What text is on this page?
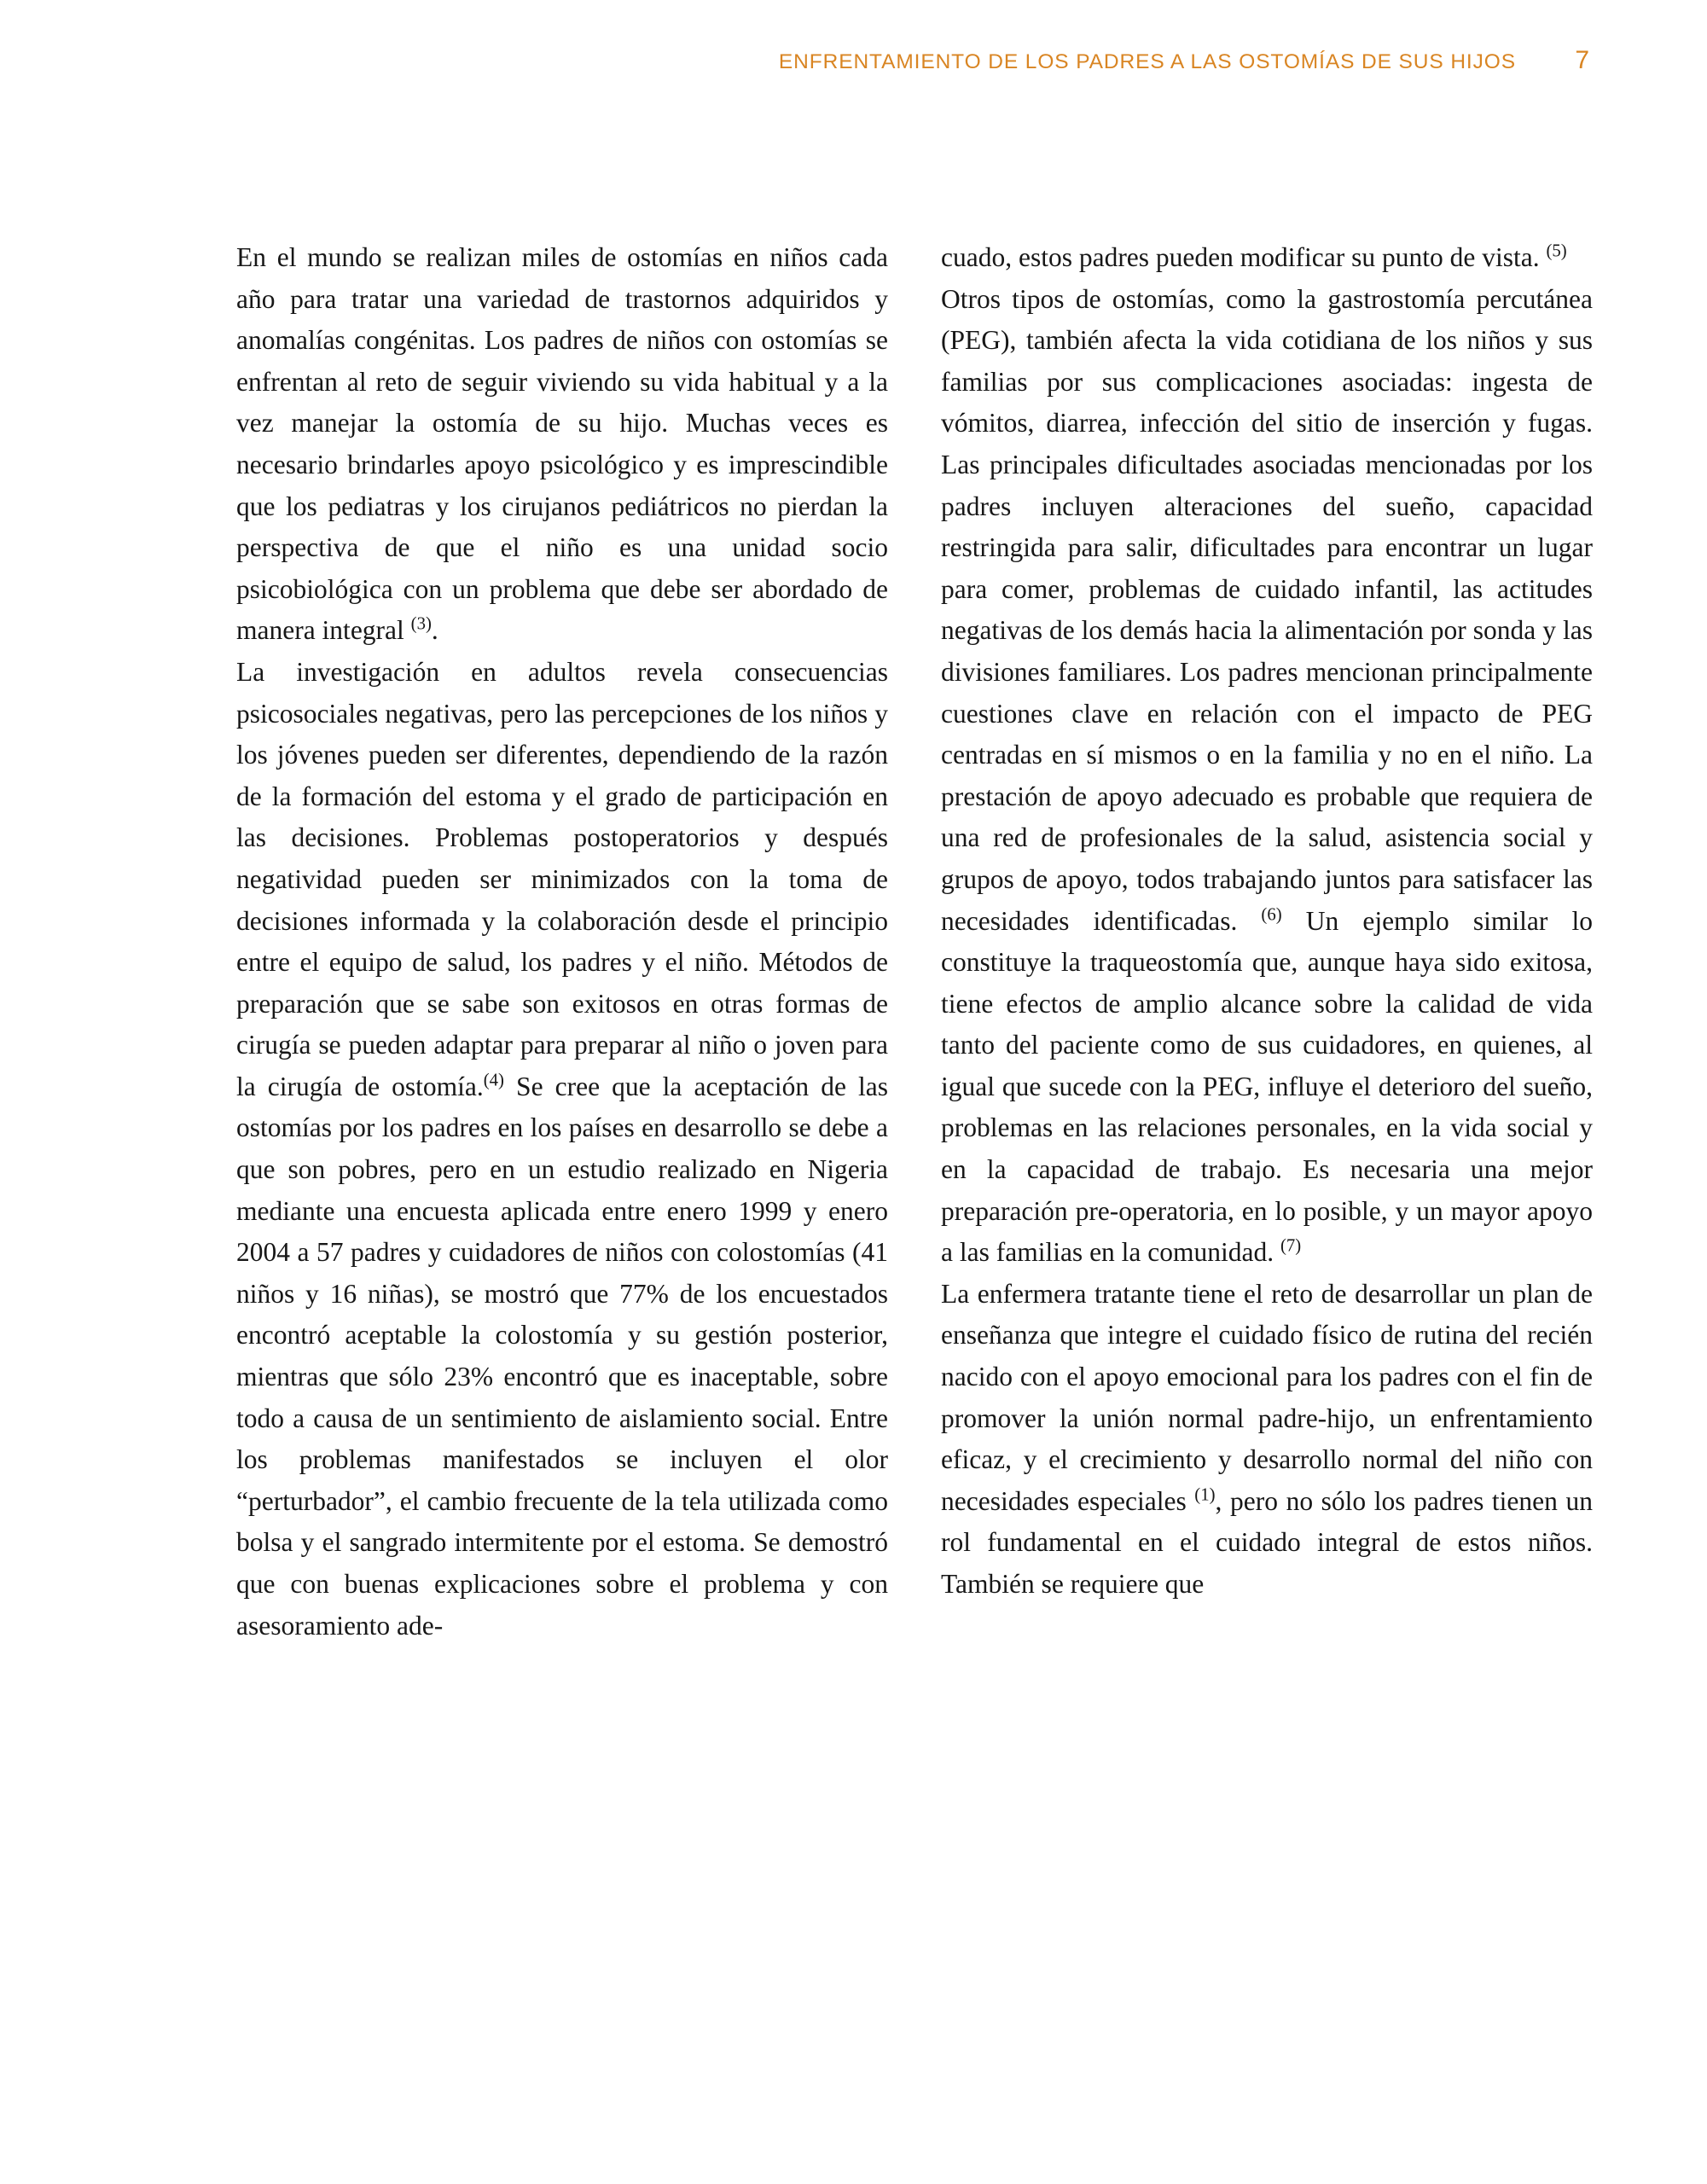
ENFRENTAMIENTO DE LOS PADRES A LAS OSTOMÍAS DE SUS HIJOS 7

En el mundo se realizan miles de ostomías en niños cada año para tratar una variedad de trastornos adquiridos y anomalías congénitas. Los padres de niños con ostomías se enfrentan al reto de seguir viviendo su vida habitual y a la vez manejar la ostomía de su hijo. Muchas veces es necesario brindarles apoyo psicológico y es imprescindible que los pediatras y los cirujanos pediátricos no pierdan la perspectiva de que el niño es una unidad socio psicobiológica con un problema que debe ser abordado de manera integral $^{(3)}$.

La investigación en adultos revela consecuencias psicosociales negativas, pero las percepciones de los niños y los jóvenes pueden ser diferentes, dependiendo de la razón de la formación del estoma y el grado de participación en las decisiones. Problemas postoperatorios y después negatividad pueden ser minimizados con la toma de decisiones informada y la colaboración desde el principio entre el equipo de salud, los padres y el niño. Métodos de preparación que se sabe son exitosos en otras formas de cirugía se pueden adaptar para preparar al niño o joven para la cirugía de ostomía.$^{(4)}$ Se cree que la aceptación de las ostomías por los padres en los países en desarrollo se debe a que son pobres, pero en un estudio realizado en Nigeria mediante una encuesta aplicada entre enero 1999 y enero 2004 a 57 padres y cuidadores de niños con colostomías (41 niños y 16 niñas), se mostró que 77% de los encuestados encontró aceptable la colostomía y su gestión posterior, mientras que sólo 23% encontró que es inaceptable, sobre todo a causa de un sentimiento de aislamiento social. Entre los problemas manifestados se incluyen el olor “perturbador”, el cambio frecuente de la tela utilizada como bolsa y el sangrado intermitente por el estoma. Se demostró que con buenas explicaciones sobre el problema y con asesoramiento ade-

cuado, estos padres pueden modificar su punto de vista. $^{(5)}$

Otros tipos de ostomías, como la gastrostomía percutánea (PEG), también afecta la vida cotidiana de los niños y sus familias por sus complicaciones asociadas: ingesta de vómitos, diarrea, infección del sitio de inserción y fugas. Las principales dificultades asociadas mencionadas por los padres incluyen alteraciones del sueño, capacidad restringida para salir, dificultades para encontrar un lugar para comer, problemas de cuidado infantil, las actitudes negativas de los demás hacia la alimentación por sonda y las divisiones familiares. Los padres mencionan principalmente cuestiones clave en relación con el impacto de PEG centradas en sí mismos o en la familia y no en el niño. La prestación de apoyo adecuado es probable que requiera de una red de profesionales de la salud, asistencia social y grupos de apoyo, todos trabajando juntos para satisfacer las necesidades identificadas. $^{(6)}$ Un ejemplo similar lo constituye la traqueostomía que, aunque haya sido exitosa, tiene efectos de amplio alcance sobre la calidad de vida tanto del paciente como de sus cuidadores, en quienes, al igual que sucede con la PEG, influye el deterioro del sueño, problemas en las relaciones personales, en la vida social y en la capacidad de trabajo. Es necesaria una mejor preparación pre-operatoria, en lo posible, y un mayor apoyo a las familias en la comunidad. $^{(7)}$

La enfermera tratante tiene el reto de desarrollar un plan de enseñanza que integre el cuidado físico de rutina del recién nacido con el apoyo emocional para los padres con el fin de promover la unión normal padre-hijo, un enfrentamiento eficaz, y el crecimiento y desarrollo normal del niño con necesidades especiales $^{(1)}$, pero no sólo los padres tienen un rol fundamental en el cuidado integral de estos niños. También se requiere que
